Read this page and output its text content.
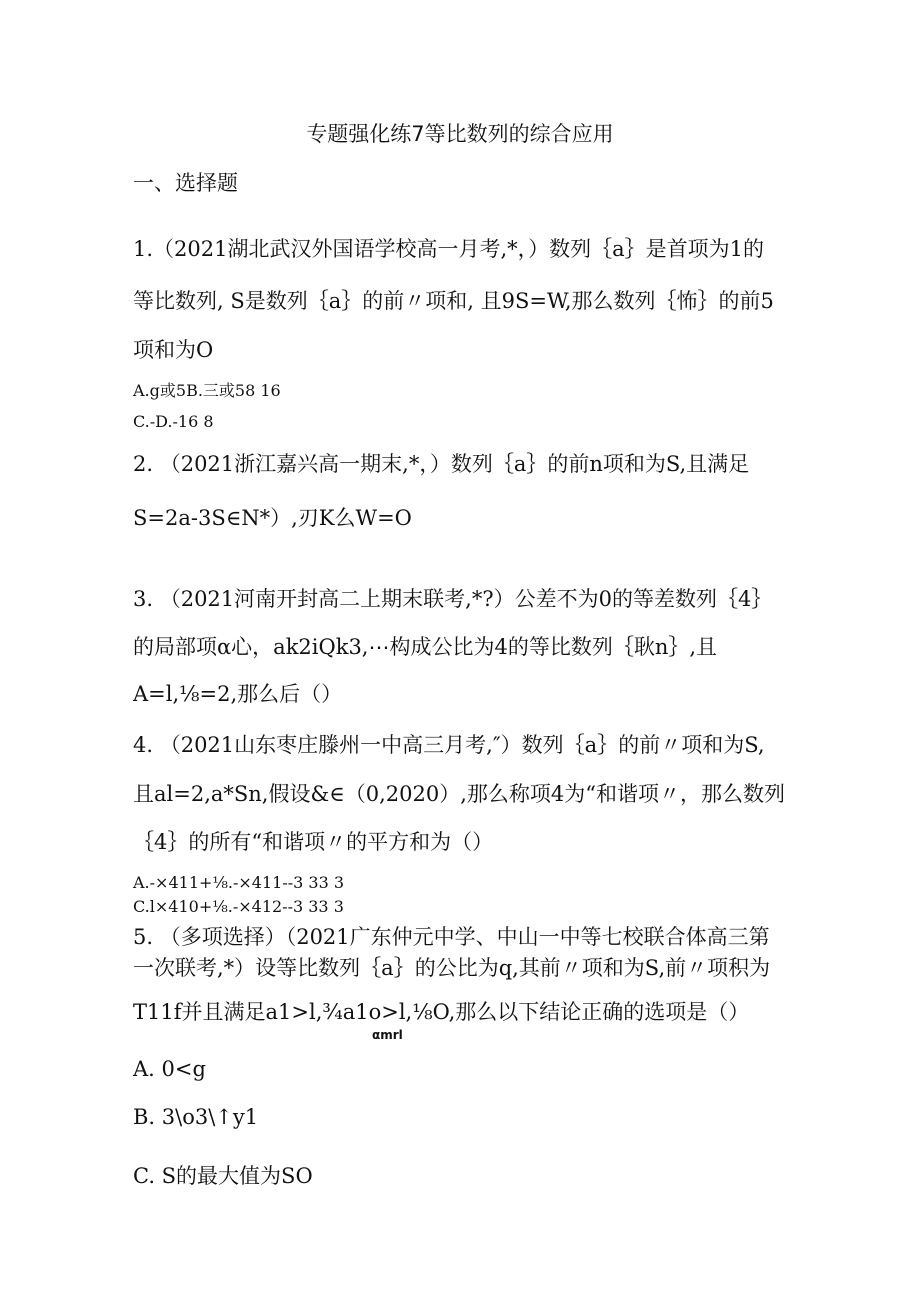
专题强化练7等比数列的综合应用
一、选择题
1.（2021湖北武汉外国语学校高一月考,*，）数列｛a｝是首项为1的
等比数列, S是数列｛a｝的前〃项和, 且9S=W,那么数列｛怖｝的前5
项和为O
A.g或5B.三或58 16
C.-D.-16 8
2. （2021浙江嘉兴高一期末,*，）数列｛a｝的前n项和为S,且满足
S=2a-3S∈N*）,刃K么W=O
3. （2021河南开封高二上期末联考,*?）公差不为0的等差数列｛4｝
的局部项α心，ak2iQk3,⋯构成公比为4的等比数列｛耿n｝,且
A=l,⅛=2,那么后（）
4. （2021山东枣庄滕州一中高三月考,″）数列｛a｝的前〃项和为S,
且al=2,a*Sn,假设&∈（0,2020）,那么称项4为“和谐项〃，那么数列
｛4｝的所有“和谐项〃的平方和为（）
A.-×411+⅛.-×411--3 33 3
C.l×410+⅛.-×412--3 33 3
5. （多项选择）（2021广东仲元中学、中山一中等七校联合体高三第
一次联考,*）设等比数列｛a｝的公比为q,其前〃项和为S,前〃项积为
T11f并且满足a1>l,¾a1o>l,⅛O,那么以下结论正确的选项是（）
αmrl
A. 0<g
B. 3\o3\↑y1
C. S的最大值为SO
